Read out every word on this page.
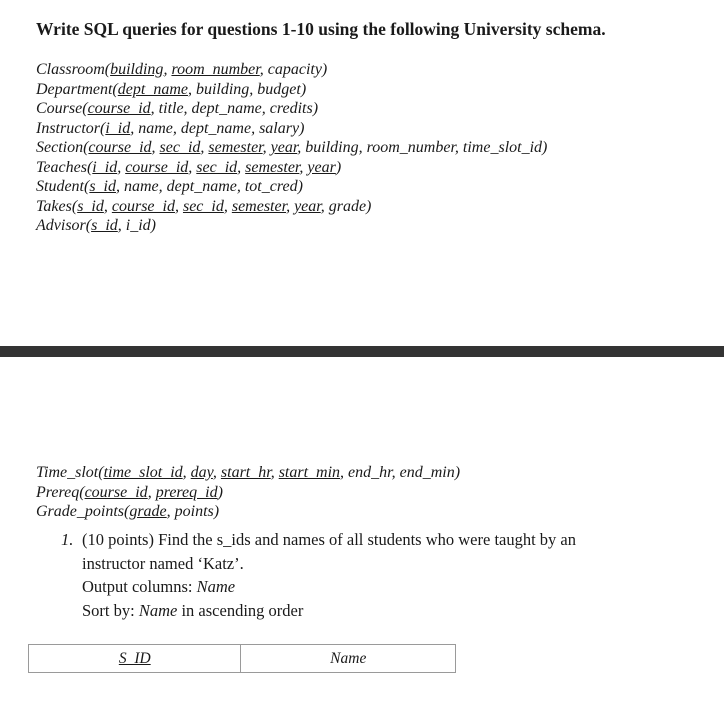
Write SQL queries for questions 1-10 using the following University schema.
Classroom(building, room_number, capacity)
Department(dept_name, building, budget)
Course(course_id, title, dept_name, credits)
Instructor(i_id, name, dept_name, salary)
Section(course_id, sec_id, semester, year, building, room_number, time_slot_id)
Teaches(i_id, course_id, sec_id, semester, year)
Student(s_id, name, dept_name, tot_cred)
Takes(s_id, course_id, sec_id, semester, year, grade)
Advisor(s_id, i_id)
Time_slot(time_slot_id, day, start_hr, start_min, end_hr, end_min)
Prereq(course_id, prereq_id)
Grade_points(grade, points)
1. (10 points) Find the s_ids and names of all students who were taught by an
instructor named ‘Katz’.
Output columns: Name
Sort by: Name in ascending order
S_ID	Name
